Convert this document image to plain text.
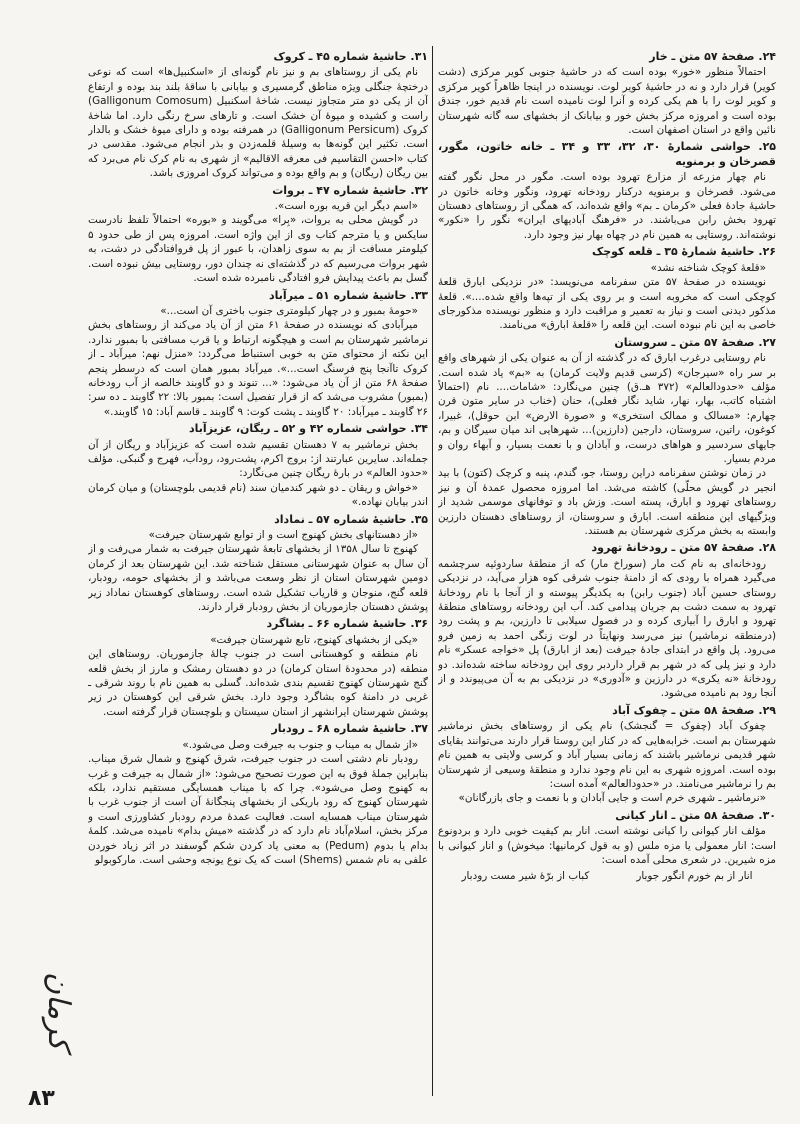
۲۴. صفحهٔ ۵۷ متن ـ خار

احتمالاً منظور «خور» بوده است که در حاشیهٔ جنوبی کویر مرکزی (دشت کویر) قرار دارد و نه در حاشیهٔ کویر لوت. نویسنده در اینجا ظاهراً کویر مرکزی و کویر لوت را با هم یکی کرده و آنرا لوت نامیده است نام قدیم خور، جندق بوده است و امروزه مرکز بخش خور و بیابانک از بخشهای سه گانه شهرستان نائین واقع در استان اصفهان است.

۲۵. حواشی شمارهٔ ۳۰، ۳۲، ۳۳ و ۳۴ ـ خانه خاتون، مگور، قصرخان و برمنویه

نام چهار مزرعه از مزارع تهرود بوده است. مگور در محل نگور گفته می‌شود. قصرخان و برمنویه درکنار رودخانه تهرود، ونگور وخانه خاتون در حاشیهٔ جادهٔ فعلی «کرمان ـ بم» واقع شده‌اند، که همگی از روستاهای دهستان تهرود بخش رابن می‌باشند. در «فرهنگ آبادیهای ایران» نگور را «نکور» نوشته‌اند. روستایی به همین نام در چهاه بهار نیز وجود دارد.

۲۶. حاشیهٔ شمارهٔ ۳۵ ـ قلعه کوچک

«قلعهٔ کوچک شناخته نشد»

نویسنده در صفحهٔ ۵۷ متن سفرنامه می‌نویسد: «در نزدیکی ابارق قلعهٔ کوچکی است که مخروبه است و بر روی یکی از تپه‌ها واقع شده....». قلعهٔ مذکور دیدنی است و نیاز به تعمیر و مراقبت دارد و منظور نویسنده مذکورجای خاصی به این نام نبوده است. این قلعه را «قلعهٔ ابارق» می‌نامند.

۲۷. صفحهٔ ۵۷ متن ـ سروستان

نام روستایی درغرب ابارق که در گذشته از آن به عنوان یکی از شهرهای واقع بر سر راه «سیرجان» (کرسی قدیم ولایت کرمان) به «بم» یاد شده است. مؤلف «حدودالعالم» (۳۷۲ هـ.ق) چنین می‌نگارد: «شامات.... نام (احتمالاً اشتباه کاتب، بهار، نهار، شاید نگار فعلی)، حنان (خناب در سایر متون قرن چهارم: «مسالک و ممالک استخری» و «صورة الارض» ابن حوقل)، غبیرا، کوغون، راتین، سروستان، دارجین (دارزین)... شهرهایی اند میان سیرگان و بم، جایهای سردسیر و هواهای درست، و آبادان و با نعمت بسیار، و آبهاء روان و مردم بسیار.

در زمان نوشتن سفرنامه دراین روستا، جو، گندم، پنبه و کرچک (کتون) با بید انجیر در گویش محلّی) کاشته می‌شد. اما امروزه محصول عمدهٔ آن و نیز روستاهای تهرود و ابارق، پسته است. وزش باد و توفانهای موسمی شدید از ویژگیهای این منطقه است. ابارق و سروستان، از روستاهای دهستان دارزین وابسته به بخش مرکزی شهرستان بم هستند.

۲۸. صفحهٔ ۵۷ متن ـ رودخانهٔ تهرود

رودخانه‌ای به نام کت مار (سوراخ مار) که از منطقهٔ ساردوئیه سرچشمه می‌گیرد همراه با رودی که از دامنهٔ جنوب شرقی کوه هزار می‌آید، در نزدیکی روستای حسین آباد (جنوب رابن) به یکدیگر پیوسته و از آنجا با نام رودخانهٔ تهرود به سمت دشت بم جریان پیدامی کند. آب این رودخانه روستاهای منطقهٔ تهرود و ابارق را آبیاری کرده و در فصول سیلابی تا دارزین، بم و پشت رود (درمنطقه نرماشیر) نیز می‌رسد ونهایتاً در لوت زنگی احمد به زمین فرو می‌رود. پل واقع در ابتدای جادهٔ جیرفت (بعد از ابارق) پل «خواجه عسکر» نام دارد و نیز پلی که در شهر بم قرار داردبر روی این رودخانه ساخته شده‌اند. دو رودخانهٔ «نه یکری» در دارزین و «آدوری» در نزدیکی بم به آن می‌پیوندد و از آنجا رود بم نامیده می‌شود.

۲۹. صفحهٔ ۵۸ متن ـ چفوک آباد

چفوک آباد (چفوک = گنجشک) نام یکی از روستاهای بخش نرماشیر شهرستان بم است. خرابه‌هایی که در کنار این روستا قرار دارند می‌توانند بقایای شهر قدیمی نرماشیر باشند که زمانی بسیار آباد و کرسی ولایتی به همین نام بوده است. امروزه شهری به این نام وجود ندارد و منطقهٔ وسیعی از شهرستان بم را نرماشیر می‌نامند. در «حدودالعالم» آمده است:

«نرماشیر ـ شهری خرم است و جایی آبادان و با نعمت و جای بازرگانان»

۳۰. صفحهٔ ۵۸ متن ـ انار کیانی

مؤلف انار کیوانی را کیانی نوشته است. انار بم کیفیت خوبی دارد و بردونوع است: انار معمولی یا مزه ملس (و به قول کرمانیها: میخوش) و انار کیوانی با مزه شیرین. در شعری محلی آمده است:

انار از بم خورم انگور جوبار
کباب از برّهٔ شیر مست رودبار
۳۱. حاشیهٔ شماره ۴۵ ـ کروک

نام یکی از روستاهای بم و نیز نام گونه‌ای از «اسکنبیل‌ها» است که نوعی درختچهٔ جنگلی ویژه مناطق گرمسیری و بیابانی با ساقهٔ بلند بند بوده و ارتفاع آن از یکی دو متر متجاوز نیست. شاخهٔ اسکنبیل (Galligonum Comosum) راست و کشیده و میوهٔ آن خشک است. و تارهای سرخ رنگی دارد. اما شاخهٔ کروک (Galligonum Persicum) در همرفته بوده و دارای میوهٔ خشک و بالدار است. تکثیر این گونه‌ها به وسیلهٔ قلمه‌زدن و بذر انجام می‌شود. مقدسی در کتاب «احسن التقاسیم فی معرفه الاقالیم» از شهری به نام کرک نام می‌برد که بین ریگان (ریگان) و بم واقع بوده و می‌تواند کروک امروزی باشد.

۳۲. حاشیهٔ شماره ۴۷ ـ بروات

«اسم دیگر این قریه بوره است».

در گویش محلی به بروات، «بِرا» می‌گویند و «بوره» احتمالاً تلفظ نادرست سایکس و یا مترجم کتاب وی از این واژه است. امروزه پس از طی حدود ۵ کیلومتر مسافت از بم به سوی زاهدان، با عبور از پل فروافتادگی در دشت، به شهر بروات می‌رسیم که در گذشته‌ای نه چندان دور، روستایی بیش نبوده است. گسل بم باعث پیدایش فرو افتادگی نامبرده شده است.

۳۳. حاشیهٔ شماره ۵۱ ـ میرآباد

«حومهٔ بمبور و در چهار کیلومتری جنوب باختری آن است...»

میرآبادی که نویسنده در صفحهٔ ۶۱ متن از آن یاد می‌کند از روستاهای بخش نرماشیر شهرستان بم است و هیچگونه ارتباط و یا قرب مسافتی با بمبور ندارد. این نکته از محتوای متن به خوبی استنباط می‌گردد: «منزل نهم: میرآباد ـ از کروک تاآنجا پنج فرسنگ است...». میرآباد بمبور همان است که درسطر پنجم صفحهٔ ۶۸ متن از آن یاد می‌شود: «... تنوند و دو گاوبند خالصه از آب رودخانه (بمبور) مشروب می‌شد که از قرار تفصیل است: بمبور بالا: ۲۲ گاوبند ـ ده سر: ۲۶ گاوبند ـ میرآباد: ۲۰ گاوبند ـ پشت کوت: ۹ گاوبند ـ قاسم آباد: ۱۵ گاوبند.»

۳۴. حواشی شماره ۴۲ و ۵۲ ـ ریگان، عزیزآباد

بخش نرماشیر به ۷ دهستان تقسیم شده است که عزیزآباد و ریگان از آن جمله‌اند. سایرین عبارتند از: بروج اکرم، پشت‌رود، رودآب، فهرج و گنبکی. مؤلف «حدود العالم» در بارهٔ ریگان چنین می‌نگارد:

«خواش و ریقان ـ دو شهر کندمیان سند (نام قدیمی بلوچستان) و میان کرمان اندر بیابان نهاده.»

۳۵. حاشیهٔ شماره ۵۷ ـ نماداد

«از دهستانهای بخش کهنوج است و از توابع شهرستان جیرفت»

کهنوج تا سال ۱۳۵۸ از بخشهای تابعهٔ شهرستان جیرفت به شمار می‌رفت و از آن سال به عنوان شهرستانی مستقل شناخته شد. این شهرستان بعد از کرمان دومین شهرستان استان از نظر وسعت می‌باشد و از بخشهای حومه، رودبار، قلعه گنج، منوجان و قاریاب تشکیل شده است. روستاهای کوهستان نماداد زیر پوشش دهستان جازموریان از بخش رودبار قرار دارند.

۳۶. حاشیهٔ شماره ۶۶ ـ بشاگرد

«یکی از بخشهای کهنوج، تابع شهرستان جیرفت»

نام منطقه و کوهستانی است در جنوب چالهٔ جازموریان. روستاهای این منطقه (در محدودهٔ استان کرمان) در دو دهستان رمشک و مارز از بخش قلعه گنج شهرستان کهنوج تقسیم بندی شده‌اند. گسلی به همین نام با روند شرقی ـ غربی در دامنهٔ کوه بشاگرد وجود دارد. بخش شرقی این کوهستان در زیر پوشش شهرستان ایرانشهر از استان سیستان و بلوچستان قرار گرفته است.

۳۷. حاشیهٔ شماره ۶۸ ـ رودبار

«از شمال به میناب و جنوب به جیرفت وصل می‌شود.»

رودبار نام دشتی است در جنوب جیرفت، شرق کهنوج و شمال شرق میناب. بنابراین جملهٔ فوق به این صورت تصحیح می‌شود: «از شمال به جیرفت و غرب به کهنوج وصل می‌شود». چرا که با میناب همسایگی مستقیم ندارد، بلکه شهرستان کهنوج که رود باریکی از بخشهای پنجگانهٔ آن است از جنوب غرب با شهرستان میناب همسایه است. فعالیت عمدهٔ مردم رودبار کشاورزی است و مرکز بخش، اسلام‌آباد نام دارد که در گذشته «میش بدام» نامیده می‌شد. کلمهٔ بدام یا بدوم (Pedum) به معنی یاد کردن شکم گوسفند در اثر زیاد خوردن علفی به نام شمس (Shems) است که یک نوع یونجه وحشی است. مارکوبولو

کرمان
۸۳
